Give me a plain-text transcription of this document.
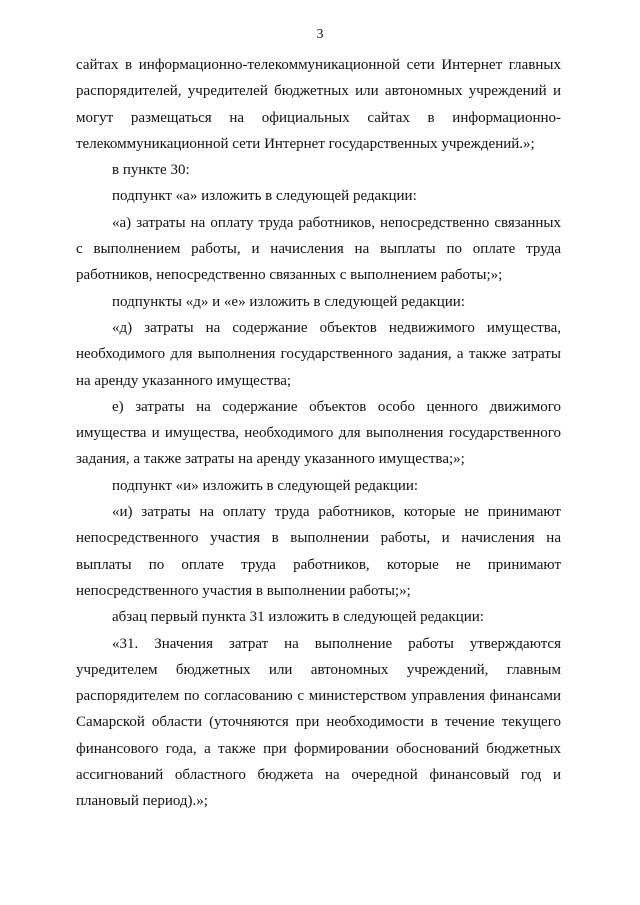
3
сайтах в информационно-телекоммуникационной сети Интернет главных
распорядителей, учредителей бюджетных или автономных учреждений и
могут размещаться на официальных сайтах в информационно-
телекоммуникационной сети Интернет государственных учреждений.»;
в пункте 30:
подпункт «а» изложить в следующей редакции:
«а) затраты на оплату труда работников, непосредственно связанных
с выполнением работы, и начисления на выплаты по оплате труда
работников, непосредственно связанных с выполнением работы;»;
подпункты «д» и «е» изложить в следующей редакции:
«д) затраты на содержание объектов недвижимого имущества,
необходимого для выполнения государственного задания, а также затраты
на аренду указанного имущества;
е) затраты на содержание объектов особо ценного движимого
имущества и имущества, необходимого для выполнения государственного
задания, а также затраты на аренду указанного имущества;»;
подпункт «и» изложить в следующей редакции:
«и) затраты на оплату труда работников, которые не принимают
непосредственного участия в выполнении работы, и начисления на
выплаты по оплате труда работников, которые не принимают
непосредственного участия в выполнении работы;»;
абзац первый пункта 31 изложить в следующей редакции:
«31. Значения затрат на выполнение работы утверждаются
учредителем бюджетных или автономных учреждений, главным
распорядителем по согласованию с министерством управления финансами
Самарской области (уточняются при необходимости в течение текущего
финансового года, а также при формировании обоснований бюджетных
ассигнований областного бюджета на очередной финансовый год и
плановый период).»;
